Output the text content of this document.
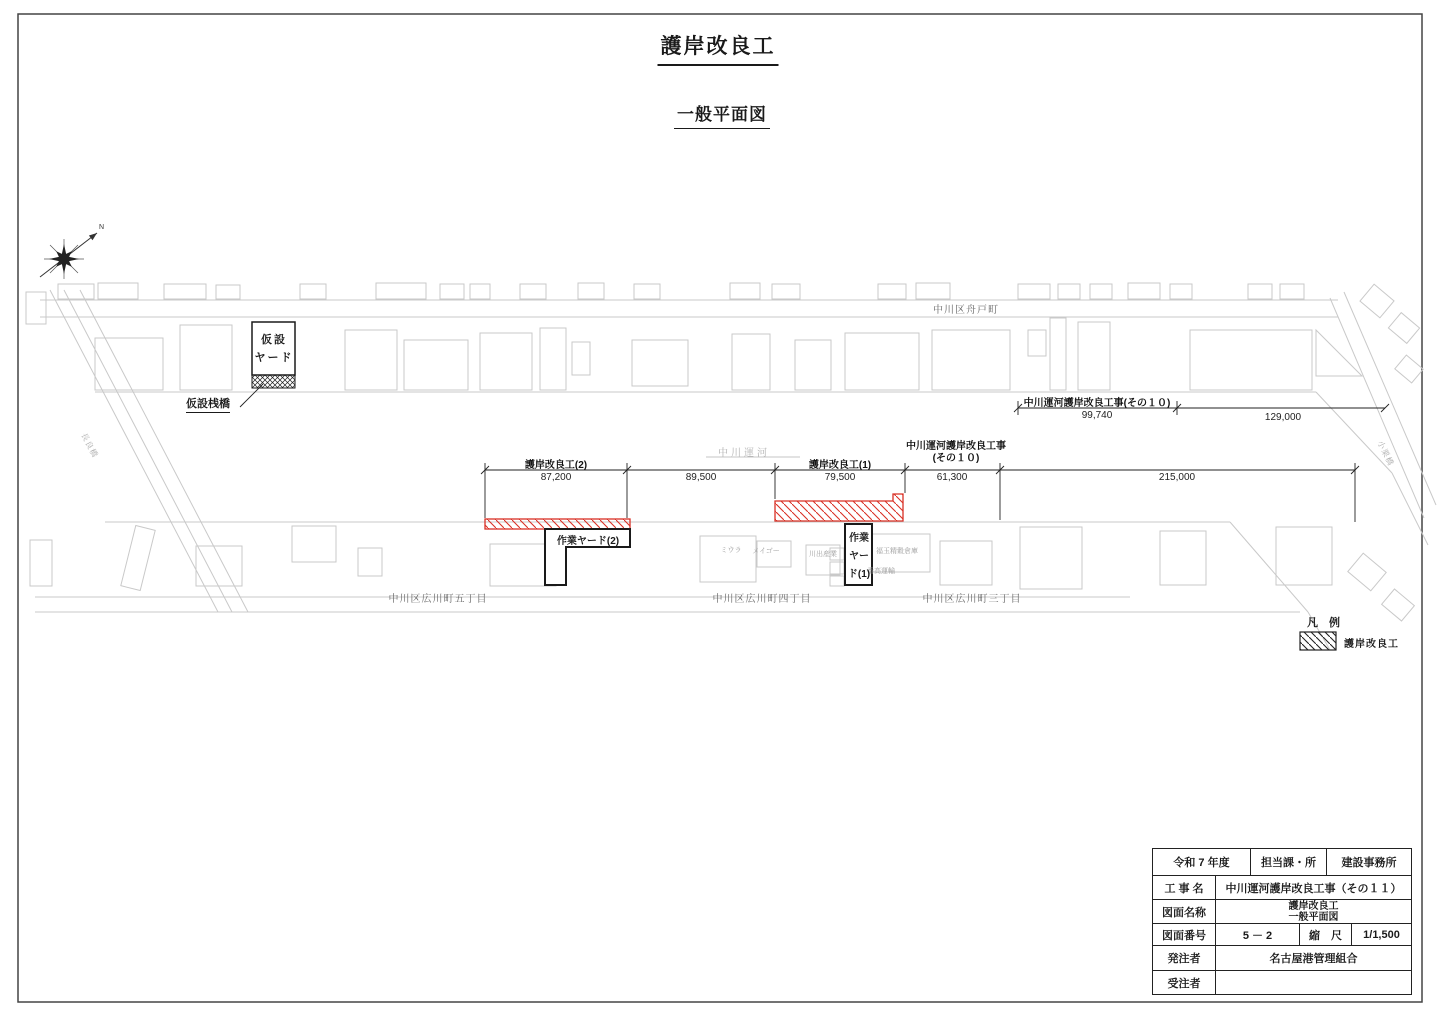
護岸改良工
一般平面図
N
中川区舟戸町
中川区広川町五丁目	中川区広川町四丁目	中川区広川町三丁目
中川運河
長良橋	小栗橋
ミウラ メイゴー	川出産業	福玉精穀倉庫
番高運輸
仮設
ヤード
仮設桟橋
作業ヤード(2)	作業
ヤー
ド(1)
中川運河護岸改良工事(その１０)
99,740	129,000
護岸改良工(2)
87,200	89,500
護岸改良工(1)
79,500
中川運河護岸改良工事
(その１０)
61,300	215,000
凡 例
護岸改良工
令和 7 年度	担当課・所	建設事務所
工 事 名	中川運河護岸改良工事（その１１）
図面名称
護岸改良工
一般平面図
図面番号	5 － 2	縮　尺	1/1,500
発注者	名古屋港管理組合
受注者
